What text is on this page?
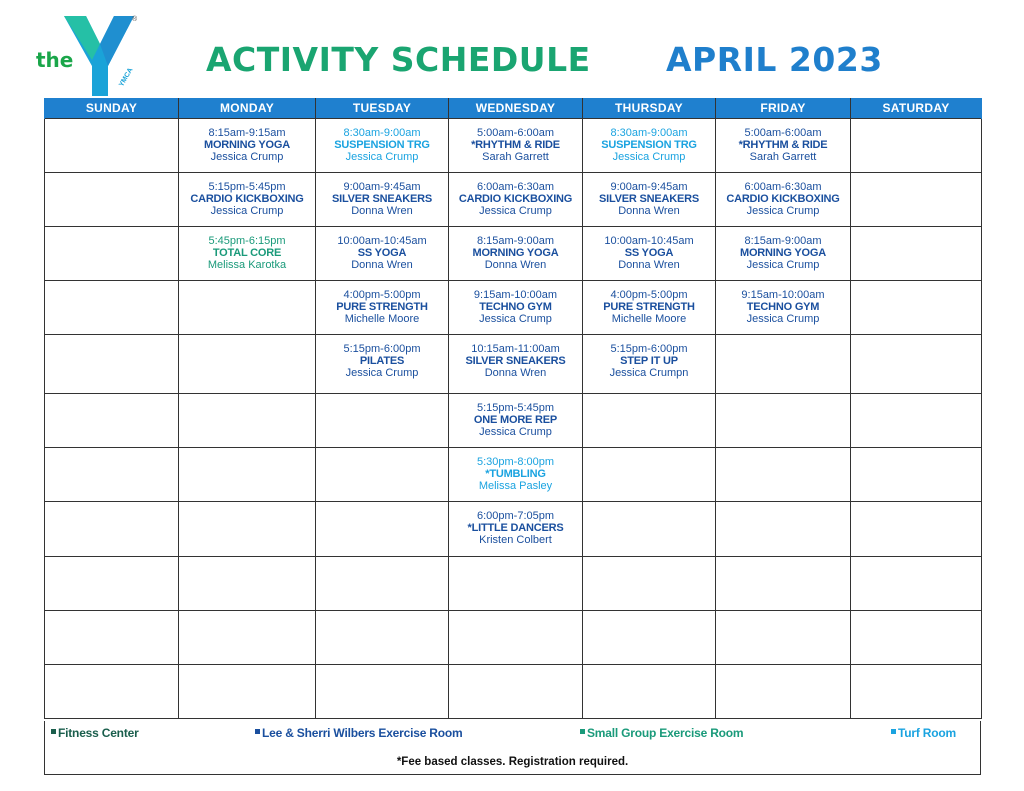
the
®
YMCA ACTIVITY SCHEDULE APRIL 2023
SUNDAY	MONDAY	TUESDAY	WEDNESDAY	THURSDAY	FRIDAY	SATURDAY

	8:15am-9:15am
MORNING YOGA
Jessica Crump	8:30am-9:00am
SUSPENSION TRG
Jessica Crump	5:00am-6:00am
*RHYTHM & RIDE
Sarah Garrett	8:30am-9:00am
SUSPENSION TRG
Jessica Crump	5:00am-6:00am
*RHYTHM & RIDE
Sarah Garrett	

	5:15pm-5:45pm
CARDIO KICKBOXING
Jessica Crump	9:00am-9:45am
SILVER SNEAKERS
Donna Wren	6:00am-6:30am
CARDIO KICKBOXING
Jessica Crump	9:00am-9:45am
SILVER SNEAKERS
Donna Wren	6:00am-6:30am
CARDIO KICKBOXING
Jessica Crump	

	5:45pm-6:15pm
TOTAL CORE
Melissa Karotka	10:00am-10:45am
SS YOGA
Donna Wren	8:15am-9:00am
MORNING YOGA
Donna Wren	10:00am-10:45am
SS YOGA
Donna Wren	8:15am-9:00am
MORNING YOGA
Jessica Crump	

		4:00pm-5:00pm
PURE STRENGTH
Michelle Moore	9:15am-10:00am
TECHNO GYM
Jessica Crump	4:00pm-5:00pm
PURE STRENGTH
Michelle Moore	9:15am-10:00am
TECHNO GYM
Jessica Crump	

		5:15pm-6:00pm
PILATES
Jessica Crump	10:15am-11:00am
SILVER SNEAKERS
Donna Wren	5:15pm-6:00pm
STEP IT UP
Jessica Crumpn		

			5:15pm-5:45pm
ONE MORE REP
Jessica Crump			

			5:30pm-8:00pm
*TUMBLING
Melissa Pasley			

			6:00pm-7:05pm
*LITTLE DANCERS
Kristen Colbert			

Fitness Center	Lee & Sherri Wilbers Exercise Room	Small Group Exercise Room	Turf Room
*Fee based classes. Registration required.
